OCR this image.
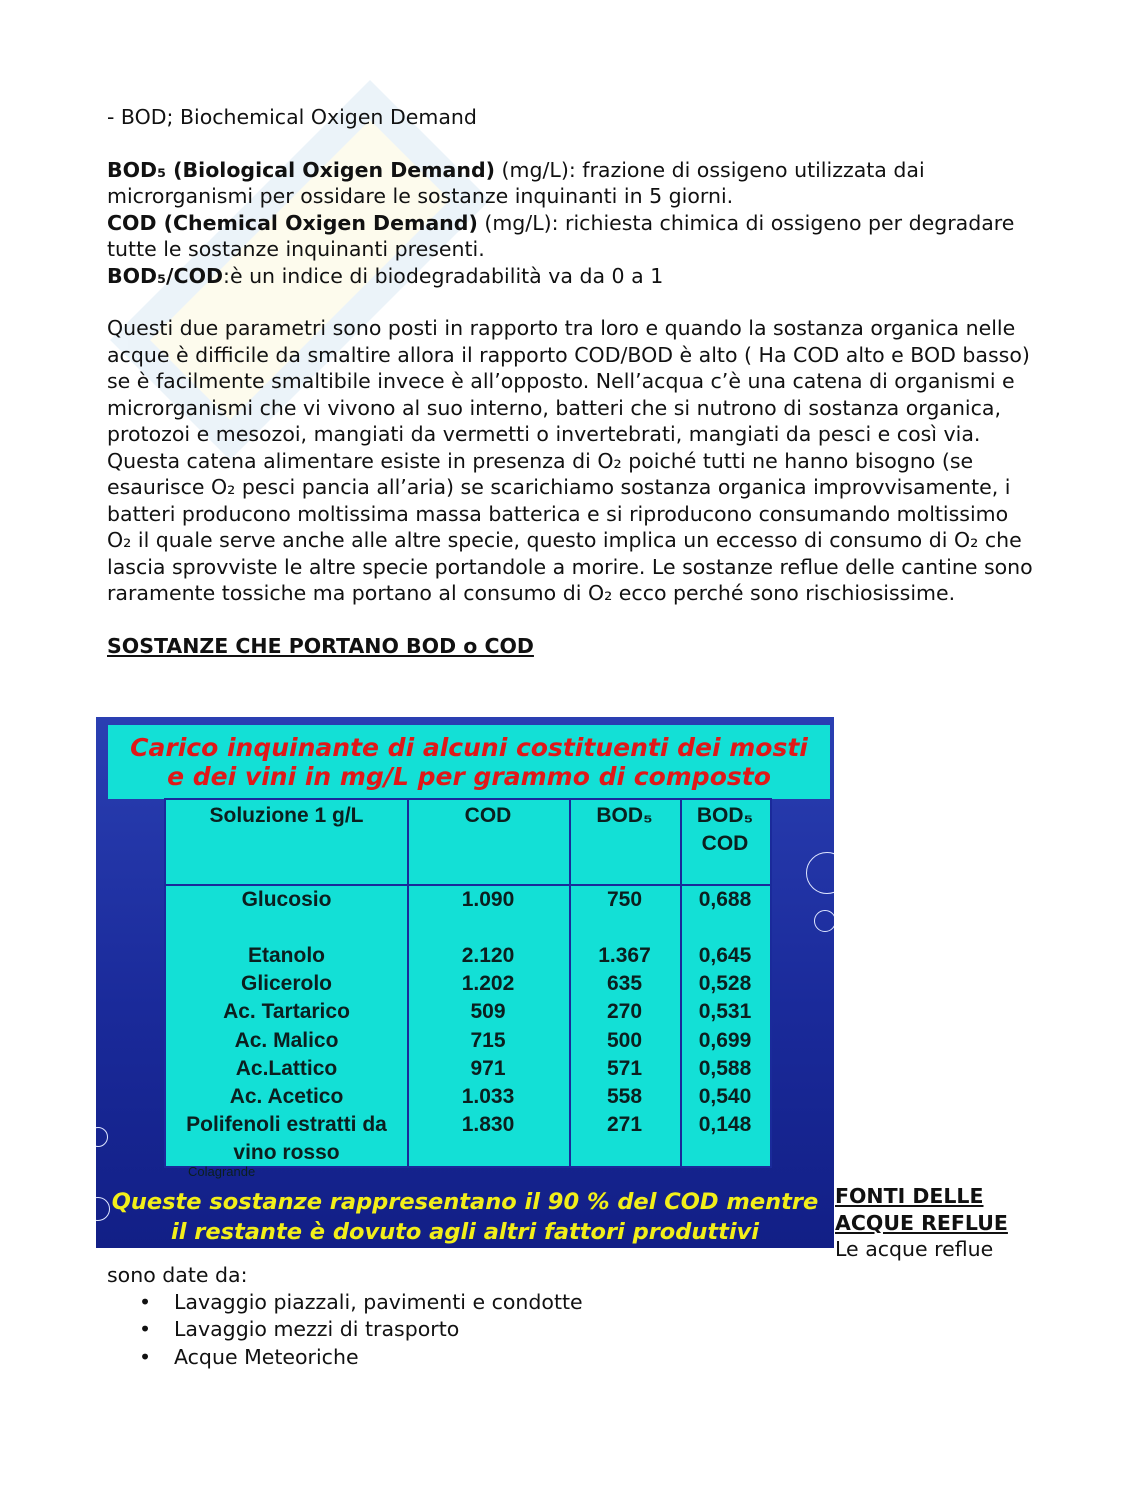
- BOD; Biochemical Oxigen Demand

BOD₅ (Biological Oxigen Demand) (mg/L): frazione di ossigeno utilizzata dai microrganismi per ossidare le sostanze inquinanti in 5 giorni.

COD (Chemical Oxigen Demand) (mg/L): richiesta chimica di ossigeno per degradare tutte le sostanze inquinanti presenti.

BOD₅/COD:è un indice di biodegradabilità va da 0 a 1

Questi due parametri sono posti in rapporto tra loro e quando la sostanza organica nelle acque è difficile da smaltire allora il rapporto COD/BOD è alto ( Ha COD alto e BOD basso) se è facilmente smaltibile invece è all’opposto. Nell’acqua c’è una catena di organismi e microrganismi che vi vivono al suo interno, batteri che si nutrono di sostanza organica, protozoi e mesozoi, mangiati da vermetti o invertebrati, mangiati da pesci e così via. Questa catena alimentare esiste in presenza di O₂ poiché tutti ne hanno bisogno (se esaurisce O₂ pesci pancia all’aria) se scarichiamo sostanza organica improvvisamente, i batteri producono moltissima massa batterica e si riproducono consumando moltissimo O₂ il quale serve anche alle altre specie, questo implica un eccesso di consumo di O₂ che lascia sprovviste le altre specie portandole a morire. Le sostanze reflue delle cantine sono raramente tossiche ma portano al consumo di O₂ ecco perché sono rischiosissime.

SOSTANZE CHE PORTANO BOD o COD

Carico inquinante di alcuni costituenti dei mosti
e dei vini in mg/L per grammo di composto
Soluzione 1 g/L	COD	BOD₅	BOD₅
COD
Glucosio	1.090	750	0,688
Etanolo	2.120	1.367	0,645
Glicerolo	1.202	635	0,528
Ac. Tartarico	509	270	0,531
Ac. Malico	715	500	0,699
Ac.Lattico	971	571	0,588
Ac. Acetico	1.033	558	0,540
Polifenoli estratti da	1.830	271	0,148
vino rosso
Colagrande
Queste sostanze rappresentano il 90 % del COD mentre
il restante è dovuto agli altri fattori produttivi
FONTI DELLE
ACQUE REFLUE
Le acque reflue

sono date da:

• Lavaggio piazzali, pavimenti e condotte
• Lavaggio mezzi di trasporto
• Acque Meteoriche
